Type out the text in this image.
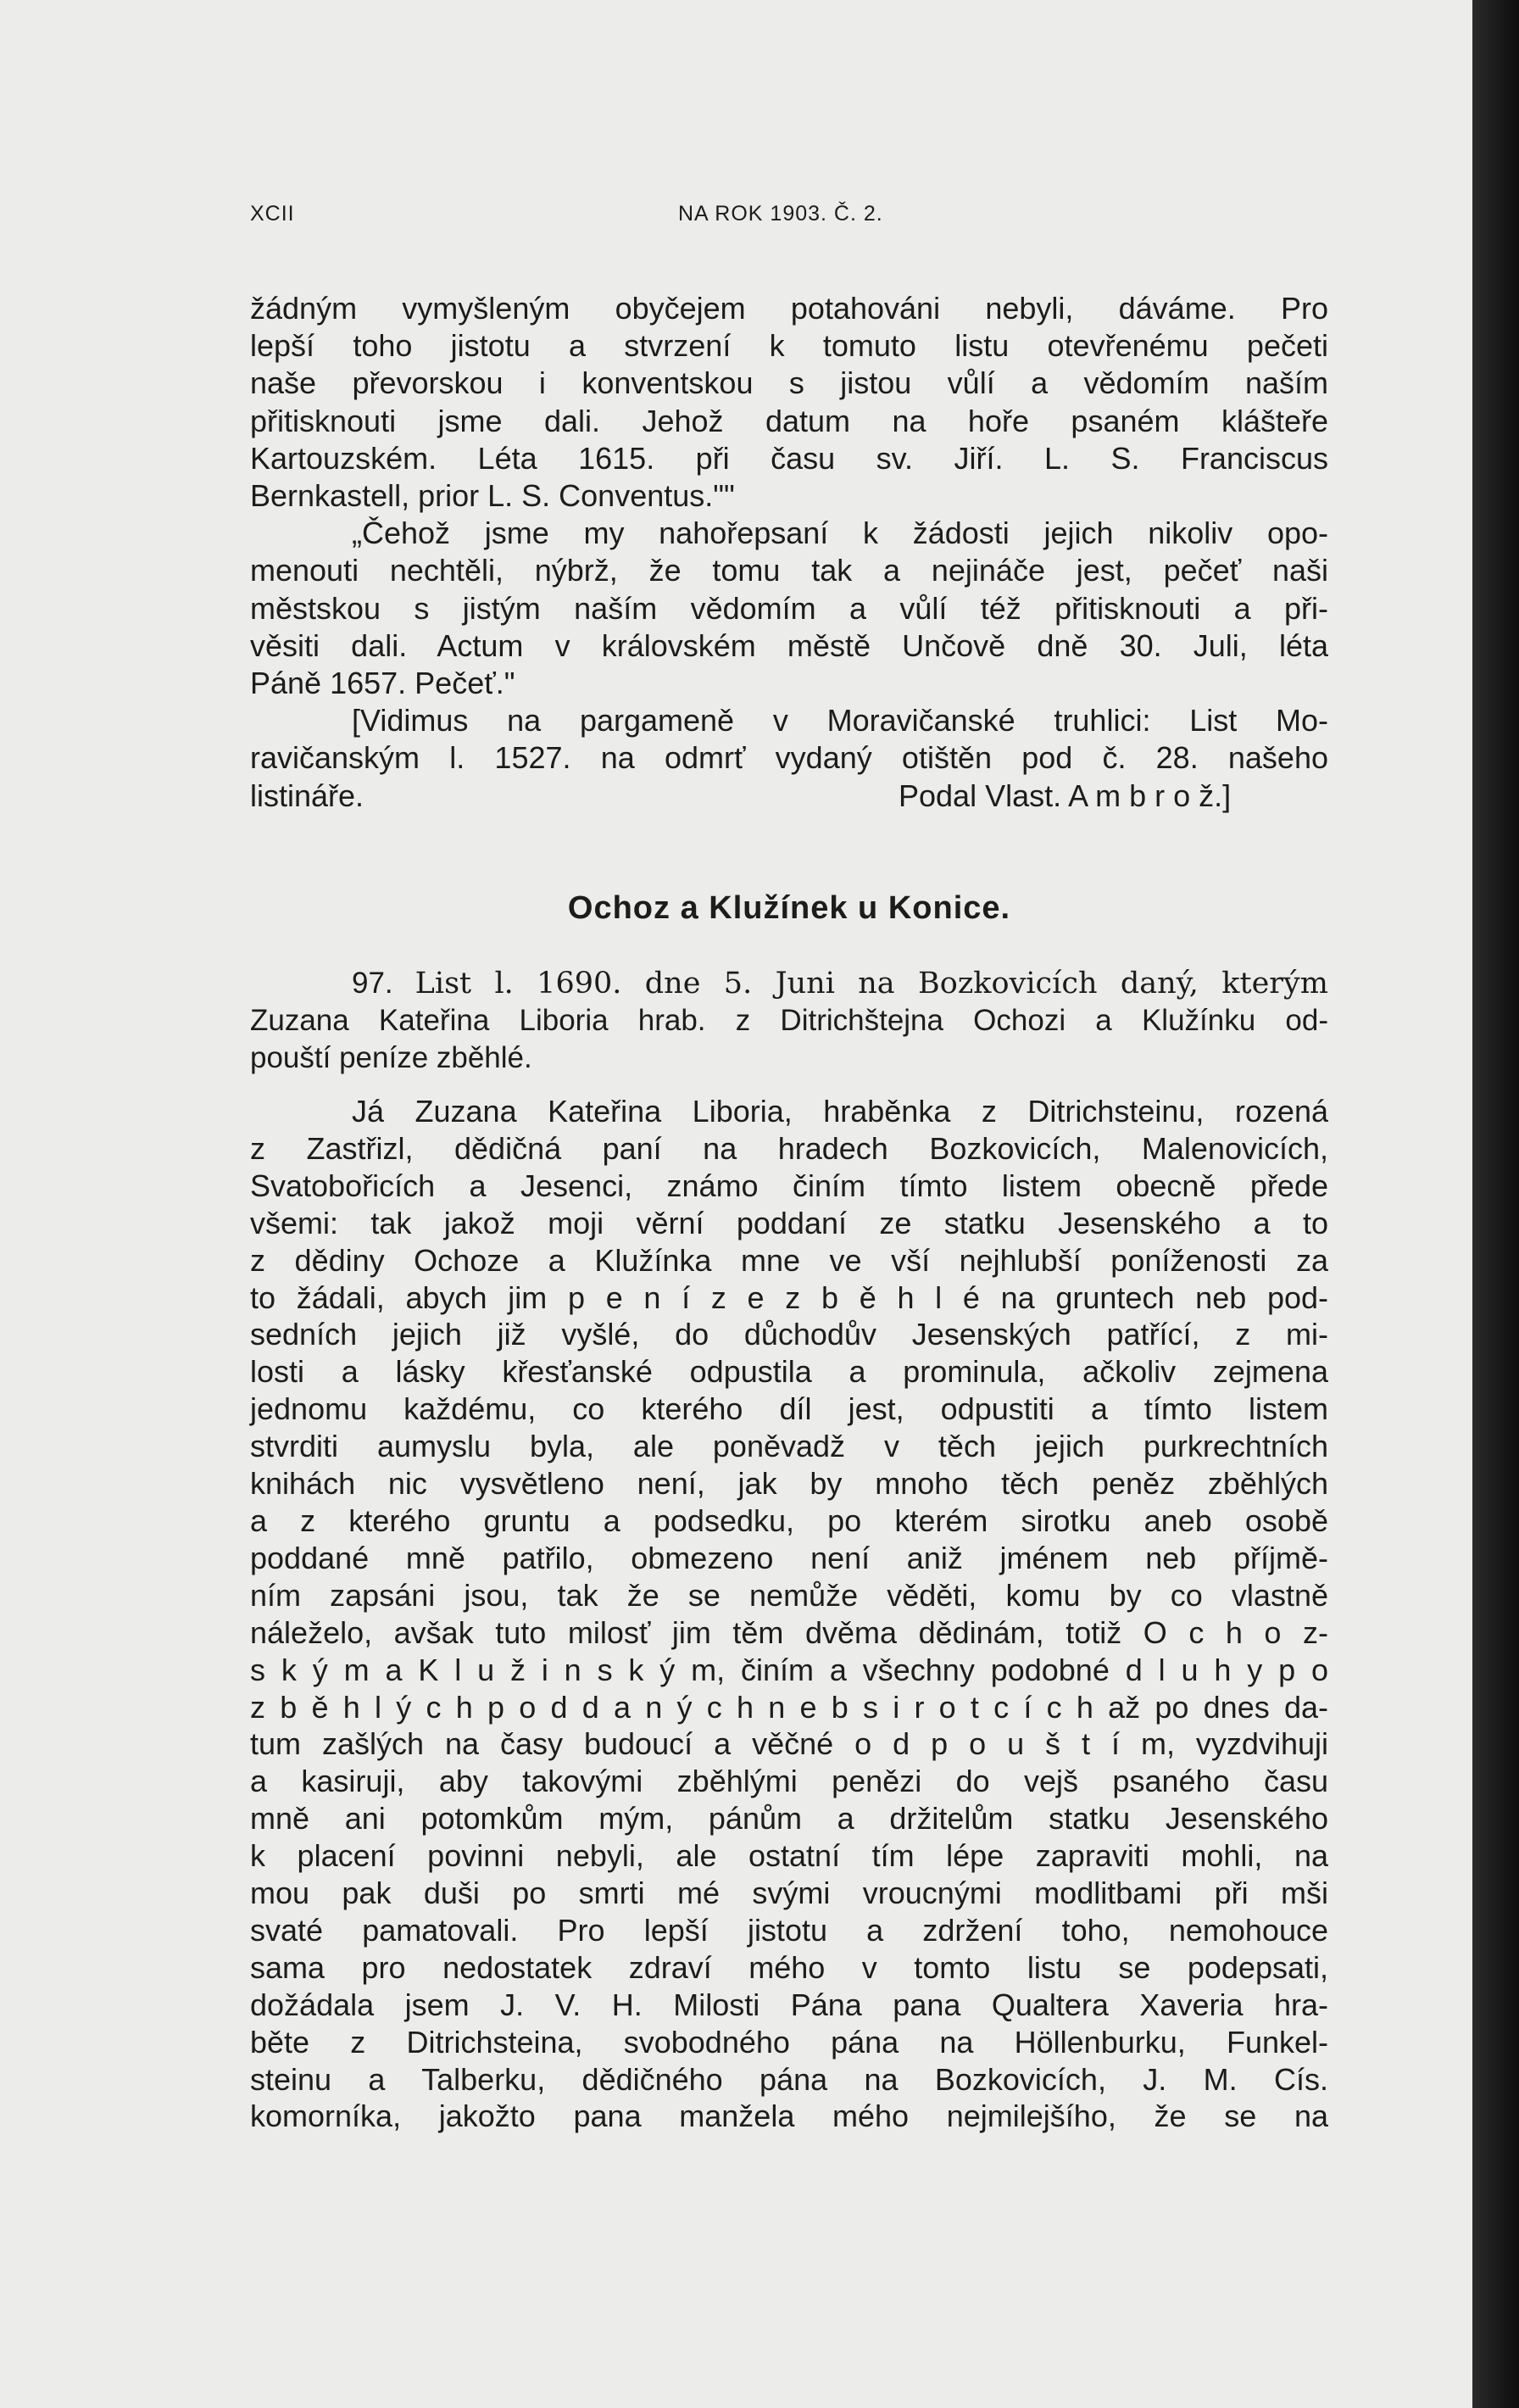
XCII	NA ROK 1903. Č. 2.
žádným vymyšleným obyčejem potahováni nebyli, dáváme. Pro
lepší toho jistotu a stvrzení k tomuto listu otevřenému pečeti
naše převorskou i konventskou s jistou vůlí a vědomím naším
přitisknouti jsme dali. Jehož datum na hoře psaném klášteře
Kartouzském. Léta 1615. při času sv. Jiří. L. S. Franciscus
Bernkastell, prior L. S. Conventus.""
„Čehož jsme my nahořepsaní k žádosti jejich nikoliv opo-
menouti nechtěli, nýbrž, že tomu tak a nejináče jest, pečeť naši
městskou s jistým naším vědomím a vůlí též přitisknouti a při-
věsiti dali. Actum v královském městě Unčově dně 30. Juli, léta
Páně 1657. Pečeť."
[Vidimus na pargameně v Moravičanské truhlici: List Mo-
ravičanským l. 1527. na odmrť vydaný otištěn pod č. 28. našeho
listináře.	Podal Vlast. A m b r o ž.]
Ochoz a Klužínek u Konice.
97. List l. 1690. dne 5. Juni na Bozkovicích daný, kterým
Zuzana Kateřina Liboria hrab. z Ditrichštejna Ochozi a Klužínku od-
pouští peníze zběhlé.
Já Zuzana Kateřina Liboria, hraběnka z Ditrichsteinu, rozená
z Zastřizl, dědičná paní na hradech Bozkovicích, Malenovicích,
Svatobořicích a Jesenci, známo činím tímto listem obecně přede
všemi: tak jakož moji věrní poddaní ze statku Jesenského a to
z dědiny Ochoze a Klužínka mne ve vší nejhlubší poníženosti za
to žádali, abych jim p e n í z e z b ě h l é na gruntech neb pod-
sedních jejich již vyšlé, do důchodův Jesenských patřící, z mi-
losti a lásky křesťanské odpustila a prominula, ačkoliv zejmena
jednomu každému, co kterého díl jest, odpustiti a tímto listem
stvrditi aumyslu byla, ale poněvadž v těch jejich purkrechtních
knihách nic vysvětleno není, jak by mnoho těch peněz zběhlých
a z kterého gruntu a podsedku, po kterém sirotku aneb osobě
poddané mně patřilo, obmezeno není aniž jménem neb příjmě-
ním zapsáni jsou, tak že se nemůže věděti, komu by co vlastně
náleželo, avšak tuto milosť jim těm dvěma dědinám, totiž O c h o z-
s k ý m a K l u ž i n s k ý m, činím a všechny podobné d l u h y p o
z b ě h l ý c h p o d d a n ý c h n e b s i r o t c í c h až po dnes da-
tum zašlých na časy budoucí a věčné o d p o u š t í m, vyzdvihuji
a kasiruji, aby takovými zběhlými penězi do vejš psaného času
mně ani potomkům mým, pánům a držitelům statku Jesenského
k placení povinni nebyli, ale ostatní tím lépe zapraviti mohli, na
mou pak duši po smrti mé svými vroucnými modlitbami při mši
svaté pamatovali. Pro lepší jistotu a zdržení toho, nemohouce
sama pro nedostatek zdraví mého v tomto listu se podepsati,
dožádala jsem J. V. H. Milosti Pána pana Qualtera Xaveria hra-
běte z Ditrichsteina, svobodného pána na Höllenburku, Funkel-
steinu a Talberku, dědičného pána na Bozkovicích, J. M. Cís.
komorníka, jakožto pana manžela mého nejmilejšího, že se na
